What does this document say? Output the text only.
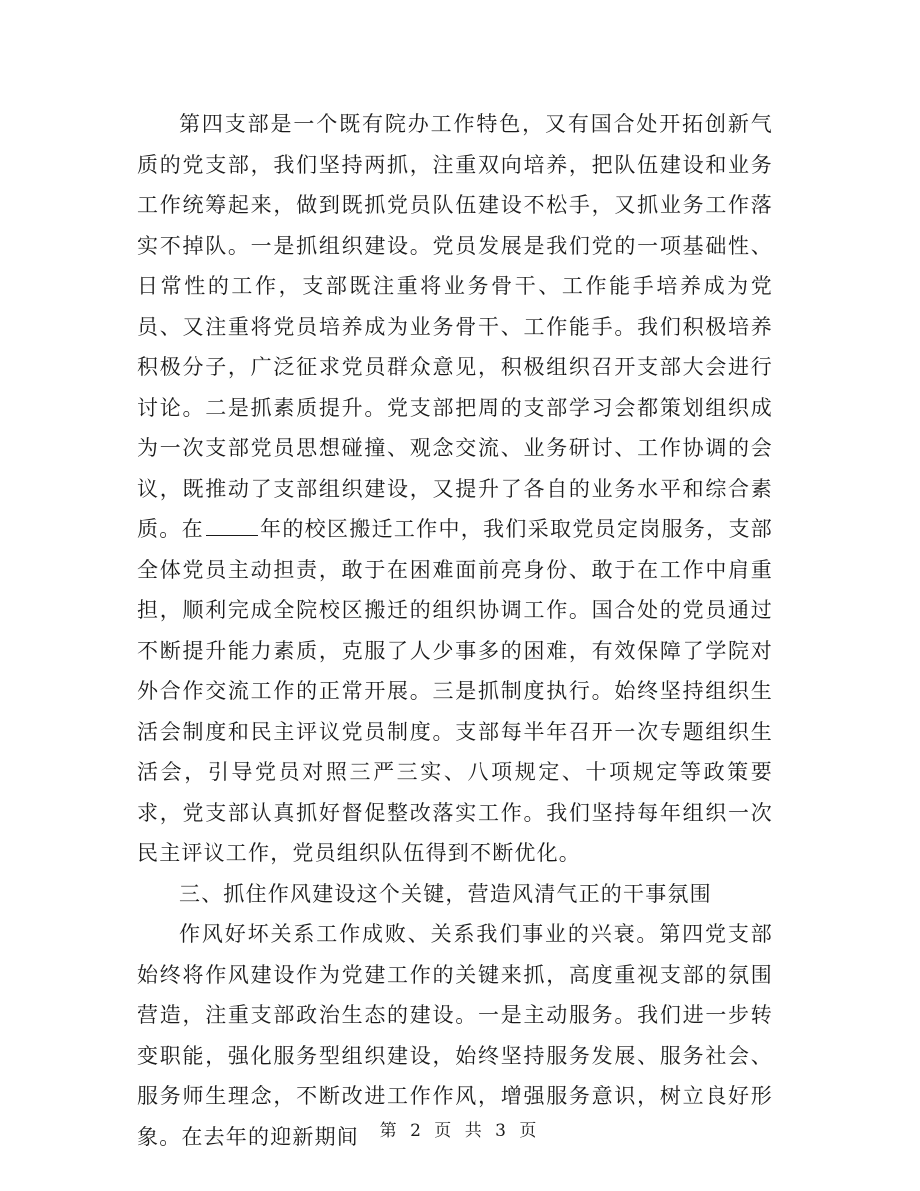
第四支部是一个既有院办工作特色，又有国合处开拓创新气质的党支部，我们坚持两抓，注重双向培养，把队伍建设和业务工作统筹起来，做到既抓党员队伍建设不松手，又抓业务工作落实不掉队。一是抓组织建设。党员发展是我们党的一项基础性、日常性的工作，支部既注重将业务骨干、工作能手培养成为党员、又注重将党员培养成为业务骨干、工作能手。我们积极培养积极分子，广泛征求党员群众意见，积极组织召开支部大会进行讨论。二是抓素质提升。党支部把周的支部学习会都策划组织成为一次支部党员思想碰撞、观念交流、业务研讨、工作协调的会议，既推动了支部组织建设，又提升了各自的业务水平和综合素质。在	年的校区搬迁工作中，我们采取党员定岗服务，支部全体党员主动担责，敢于在困难面前亮身份、敢于在工作中肩重担，顺利完成全院校区搬迁的组织协调工作。国合处的党员通过不断提升能力素质，克服了人少事多的困难，有效保障了学院对外合作交流工作的正常开展。三是抓制度执行。始终坚持组织生活会制度和民主评议党员制度。支部每半年召开一次专题组织生活会，引导党员对照三严三实、八项规定、十项规定等政策要求，党支部认真抓好督促整改落实工作。我们坚持每年组织一次民主评议工作，党员组织队伍得到不断优化。

三、抓住作风建设这个关键，营造风清气正的干事氛围

作风好坏关系工作成败、关系我们事业的兴衰。第四党支部始终将作风建设作为党建工作的关键来抓，高度重视支部的氛围营造，注重支部政治生态的建设。一是主动服务。我们进一步转变职能，强化服务型组织建设，始终坚持服务发展、服务社会、服务师生理念，不断改进工作作风，增强服务意识，树立良好形象。在去年的迎新期间	第 2 页 共 3 页
